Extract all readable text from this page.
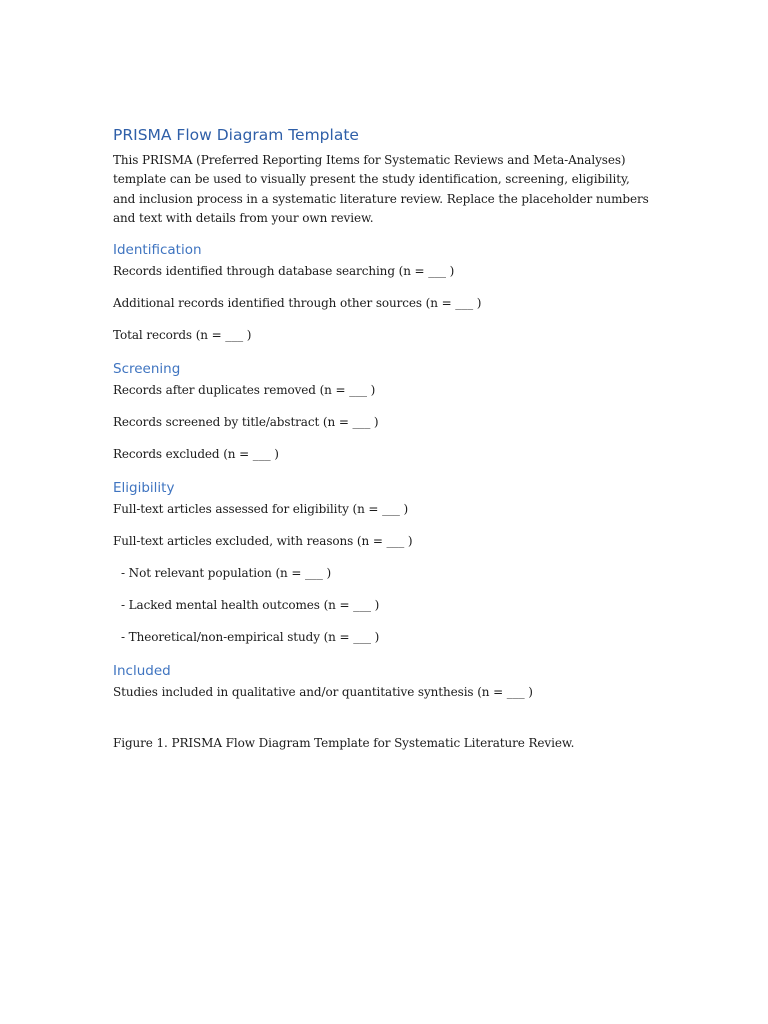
PRISMA Flow Diagram Template

This PRISMA (Preferred Reporting Items for Systematic Reviews and Meta-Analyses) template can be used to visually present the study identification, screening, eligibility, and inclusion process in a systematic literature review. Replace the placeholder numbers and text with details from your own review.

Identification

Records identified through database searching (n = ___ )

Additional records identified through other sources (n = ___ )

Total records (n = ___ )

Screening

Records after duplicates removed (n = ___ )

Records screened by title/abstract (n = ___ )

Records excluded (n = ___ )

Eligibility

Full-text articles assessed for eligibility (n = ___ )

Full-text articles excluded, with reasons (n = ___ )

- Not relevant population (n = ___ )

- Lacked mental health outcomes (n = ___ )

- Theoretical/non-empirical study (n = ___ )

Included

Studies included in qualitative and/or quantitative synthesis (n = ___ )

Figure 1. PRISMA Flow Diagram Template for Systematic Literature Review.
